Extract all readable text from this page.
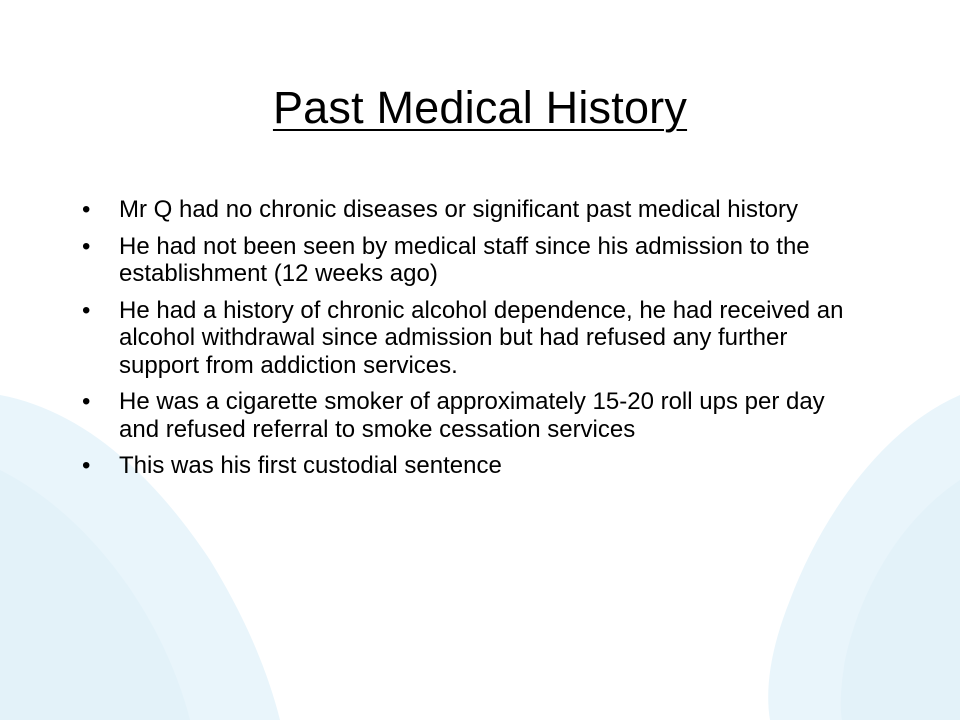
Past Medical History
• Mr Q had no chronic diseases or significant past medical history
• He had not been seen by medical staff since his admission to the establishment (12 weeks ago)
• He had a history of chronic alcohol dependence, he had received an alcohol withdrawal since admission but had refused any further support from addiction services.
• He was a cigarette smoker of approximately 15-20 roll ups per day and refused referral to smoke cessation services
• This was his first custodial sentence
